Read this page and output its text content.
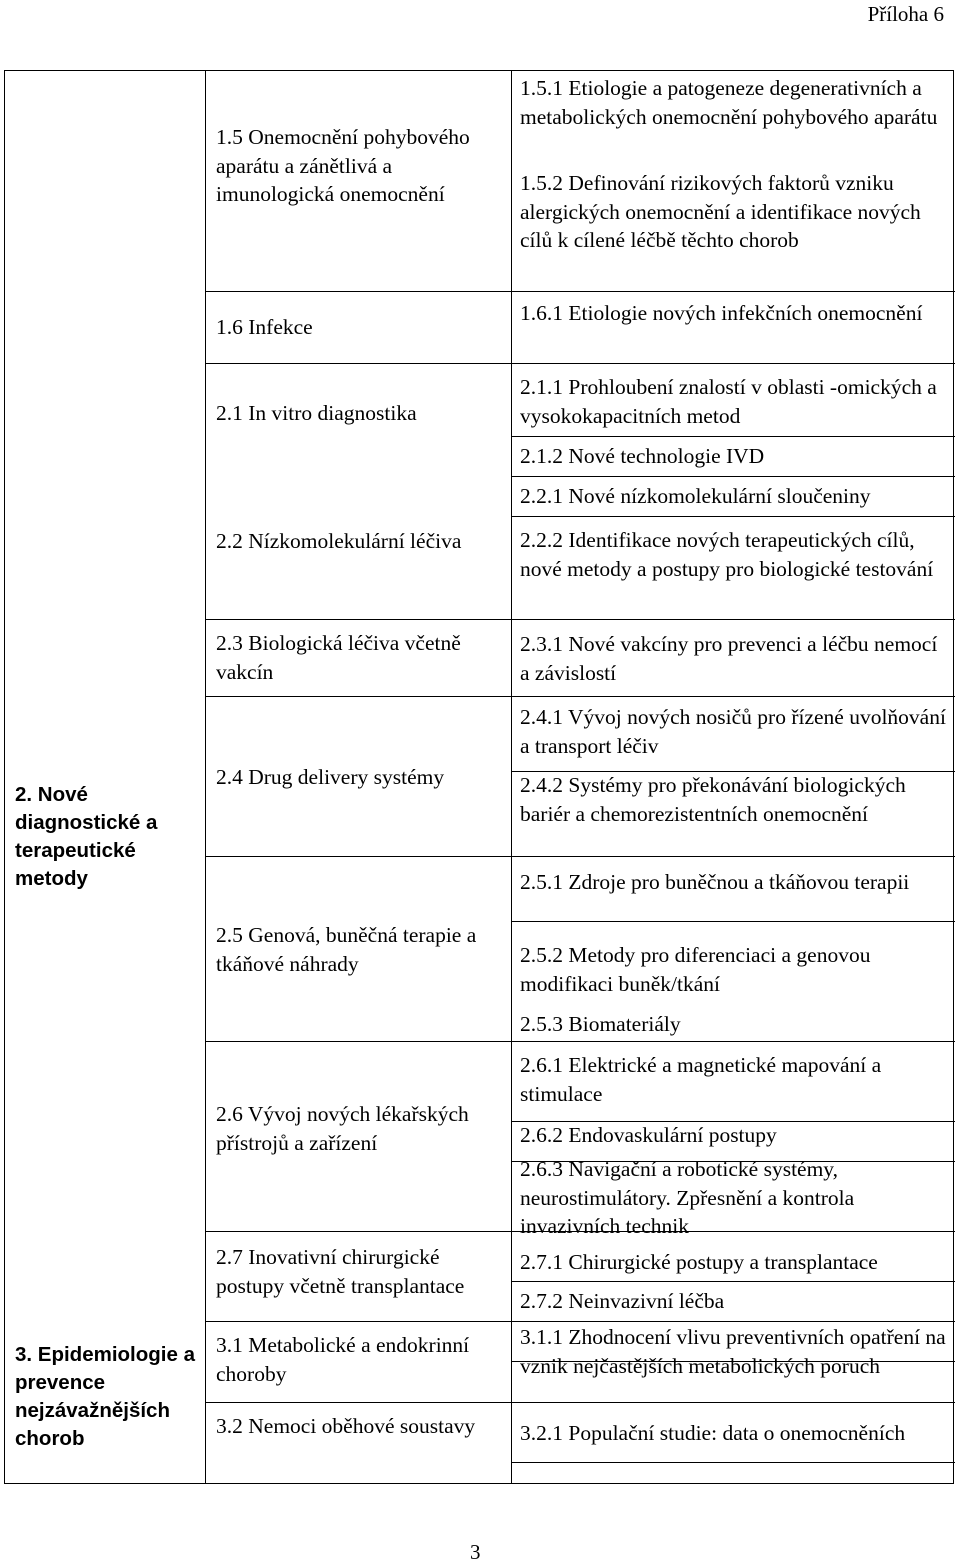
Příloha 6
2. Nové diagnostické a terapeutické metody
3. Epidemiologie a prevence nejzávažnějších chorob
1.5 Onemocnění pohybového aparátu a zánětlivá a imunologická onemocnění
1.6 Infekce
2.1 In vitro diagnostika
2.2 Nízkomolekulární léčiva
2.3 Biologická léčiva včetně vakcín
2.4 Drug delivery systémy
2.5 Genová, buněčná terapie a tkáňové náhrady
2.6 Vývoj nových lékařských přístrojů a zařízení
2.7 Inovativní chirurgické postupy včetně transplantace
3.1 Metabolické a endokrinní choroby
3.2 Nemoci oběhové soustavy
1.5.1 Etiologie a patogeneze degenerativních a metabolických onemocnění pohybového aparátu
1.5.2 Definování rizikových faktorů vzniku alergických onemocnění a identifikace nových cílů k cílené léčbě těchto chorob
1.6.1 Etiologie nových infekčních onemocnění
2.1.1 Prohloubení znalostí v oblasti -omických a vysokokapacitních metod
2.1.2 Nové technologie IVD
2.2.1 Nové nízkomolekulární sloučeniny
2.2.2 Identifikace nových terapeutických cílů, nové metody a postupy pro biologické testování
2.3.1 Nové vakcíny pro prevenci a léčbu nemocí a závislostí
2.4.1 Vývoj nových nosičů pro řízené uvolňování a transport léčiv
2.4.2 Systémy pro překonávání biologických bariér a chemorezistentních onemocnění
2.5.1 Zdroje pro buněčnou a tkáňovou terapii
2.5.2 Metody pro diferenciaci a genovou modifikaci buněk/tkání
2.5.3 Biomateriály
2.6.1 Elektrické a magnetické mapování a stimulace
2.6.2 Endovaskulární postupy
2.6.3 Navigační a robotické systémy, neurostimulátory. Zpřesnění a kontrola invazivních technik
2.7.1 Chirurgické postupy a transplantace
2.7.2 Neinvazivní léčba
3.1.1 Zhodnocení vlivu preventivních opatření na vznik nejčastějších metabolických poruch
3.2.1 Populační studie: data o onemocněních
3
